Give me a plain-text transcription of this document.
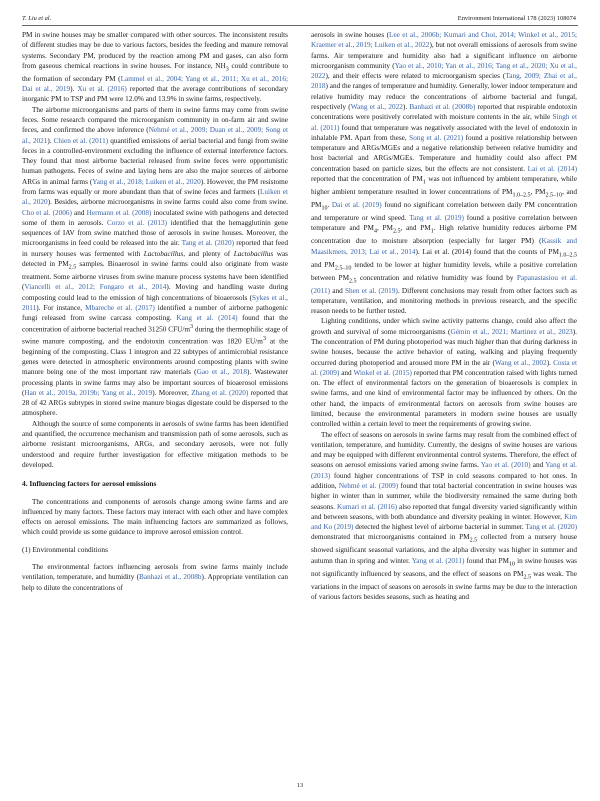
T. Liu et al.	Environment International 178 (2023) 108074

PM in swine houses may be smaller compared with other sources. The inconsistent results of different studies may be due to various factors, besides the feeding and manure removal systems. Secondary PM, produced by the reaction among PM and gases, can also form from gaseous chemical reactions in swine houses. For instance, $NH_3$ could contribute to the formation of secondary PM (Lammel et al., 2004; Yang et al., 2011; Xu et al., 2016; Dai et al., 2019). Xu et al. (2016) reported that the average contributions of secondary inorganic PM to TSP and PM were 12.0% and 13.9% in swine farms, respectively.

The airborne microorganisms and parts of them in swine farms may come from swine feces. Some research compared the microorganism community in on-farm air and swine feces, and confirmed the above inference (Nehmé et al., 2009; Duan et al., 2009; Song et al., 2021). Chien et al. (2011) quantified emissions of aerial bacterial and fungi from swine feces in a controlled-environment excluding the influence of external interference factors. They found that most airborne bacterial released from swine feces were opportunistic human pathogens. Feces of swine and laying hens are also the major sources of airborne ARGs in animal farms (Yang et al., 2018; Luiken et al., 2020). However, the PM resistome from farms was equally or more abundant than that of swine feces and farmers (Luiken et al., 2020). Besides, airborne microorganisms in swine farms could also come from swine. Cho et al. (2006) and Hermann et al. (2008) inoculated swine with pathogens and detected some of them in aerosols. Corzo et al. (2013) identified that the hemagglutinin gene sequences of IAV from swine matched those of aerosols in swine houses. Moreover, the microorganisms in feed could be released into the air. Tang et al. (2020) reported that feed in nursery houses was fermented with Lactobacillus, and plenty of Lactobacillus was detected in $PM_{2.5}$ samples. Bioaerosol in swine farms could also originate from waste treatment. Some airborne viruses from swine manure process systems have been identified (Viancelli et al., 2012; Fongaro et al., 2014). Moving and handling waste during composting could lead to the emission of high concentrations of bioaerosols (Sykes et al., 2011). For instance, Mbareche et al. (2017) identified a number of airborne pathogenic fungi released from swine carcass composting. Kang et al. (2014) found that the concentration of airborne bacterial reached 31250 CFU/$m^3$ during the thermophilic stage of swine manure composting, and the endotoxin concentration was 1820 $EU/m^3$ at the beginning of the composting. Class 1 integron and 22 subtypes of antimicrobial resistance genes were detected in atmospheric environments around composting plants with swine manure being one of the most important raw materials (Gao et al., 2018). Wastewater processing plants in swine farms may also be important sources of bioaerosol emissions (Han et al., 2019a, 2019b; Yang et al., 2019). Moreover, Zhang et al. (2020) reported that 28 of 42 ARGs subtypes in stored swine manure biogas digestate could be dispersed to the atmosphere.

Although the source of some components in aerosols of swine farms has been identified and quantified, the occurrence mechanism and transmission path of some aerosols, such as airborne resistant microorganisms, ARGs, and secondary aerosols, were not fully understood and require further investigation for effective mitigation methods to be developed.

4. Influencing factors for aerosol emissions

The concentrations and components of aerosols change among swine farms and are influenced by many factors. These factors may interact with each other and have complex effects on aerosol emissions. The main influencing factors are summarized as follows, which could provide us some guidance to improve aerosol emission control.

(1) Environmental conditions

The environmental factors influencing aerosols from swine farms mainly include ventilation, temperature, and humidity (Banhazi et al., 2008b). Appropriate ventilation can help to dilute the concentrations of

aerosols in swine houses (Lee et al., 2006b; Kumari and Choi, 2014; Winkel et al., 2015; Kraemer et al., 2019; Luiken et al., 2022), but not overall emissions of aerosols from swine farms. Air temperature and humidity also had a significant influence on airborne microorganism community (Yao et al., 2010; Yan et al., 2016; Tang et al., 2020; Xu et al., 2022), and their effects were related to microorganism species (Tang, 2009; Zhai et al., 2018) and the ranges of temperature and humidity. Generally, lower indoor temperature and relative humidity may reduce the concentrations of airborne bacterial and fungal, respectively (Wang et al., 2022). Banhazi et al. (2008b) reported that respirable endotoxin concentrations were positively correlated with moisture contents in the air, while Singh et al. (2011) found that temperature was negatively associated with the level of endotoxin in inhalable PM. Apart from these, Song et al. (2021) found a positive relationship between temperature and ARGs/MGEs and a negative relationship between relative humidity and host bacterial and ARGs/MGEs. Temperature and humidity could also affect PM concentration based on particle sizes, but the effects are not consistent. Lai et al. (2014) reported that the concentration of $PM_1$ was not influenced by ambient temperature, while higher ambient temperature resulted in lower concentrations of $PM_{1.0-2.5}$, $PM_{2.5-10}$, and $PM_{10}$. Dai et al. (2019) found no significant correlation between daily PM concentration and temperature or wind speed. Tang et al. (2019) found a positive correlation between temperature and $PM_4$, $PM_{2.5}$, and $PM_1$. High relative humidity reduces airborne PM concentration due to moisture absorption (especially for larger PM) (Kassik and Maasikmets, 2013; Lai et al., 2014). Lai et al. (2014) found that the counts of $PM_{1.0-2.5}$ and $PM_{2.5-10}$ tended to be lower at higher humidity levels, while a positive correlation between $PM_{2.5}$ concentration and relative humidity was found by Papanastasiou et al. (2011) and Shen et al. (2019). Different conclusions may result from other factors such as temperature, ventilation, and monitoring methods in previous research, and the specific reason needs to be further tested.

Lighting conditions, under which swine activity patterns change, could also affect the growth and survival of some microorganisms (Gémin et al., 2021; Martinez et al., 2023). The concentration of PM during photoperiod was much higher than that during darkness in swine houses, because the active behavior of eating, walking and playing frequently occurred during photoperiod and aroused more PM in the air (Wang et al., 2002). Costa et al. (2009) and Winkel et al. (2015) reported that PM concentration raised with lights turned on. The effect of environmental factors on the generation of bioaerosols is complex in swine farms, and one kind of environmental factor may be influenced by others. On the other hand, the impacts of environmental factors on aerosols from swine houses are limited, because the environmental parameters in modern swine houses are usually controlled within a certain level to meet the requirements of growing swine.

The effect of seasons on aerosols in swine farms may result from the combined effect of ventilation, temperature, and humidity. Currently, the designs of swine houses are various and may be equipped with different environmental control systems. Therefore, the effect of seasons on aerosol emissions varied among swine farms. Yao et al. (2010) and Yang et al. (2013) found higher concentrations of TSP in cold seasons compared to hot ones. In addition, Nehmé et al. (2009) found that total bacterial concentration in swine houses was higher in winter than in summer, while the biodiversity remained the same during both seasons. Kumari et al. (2016) also reported that fungal diversity varied significantly within and between seasons, with both abundance and diversity peaking in winter. However, Kim and Ko (2019) detected the highest level of airborne bacterial in summer. Tang et al. (2020) demonstrated that microorganisms contained in $PM_{2.5}$ collected from a nursery house showed significant seasonal variations, and the alpha diversity was higher in summer and autumn than in spring and winter. Yang et al. (2011) found that $PM_{10}$ in swine houses was not significantly influenced by seasons, and the effect of seasons on $PM_{2.5}$ was weak. The variations in the impact of seasons on aerosols in swine farms may be due to the interaction of various factors besides seasons, such as heating and

13
